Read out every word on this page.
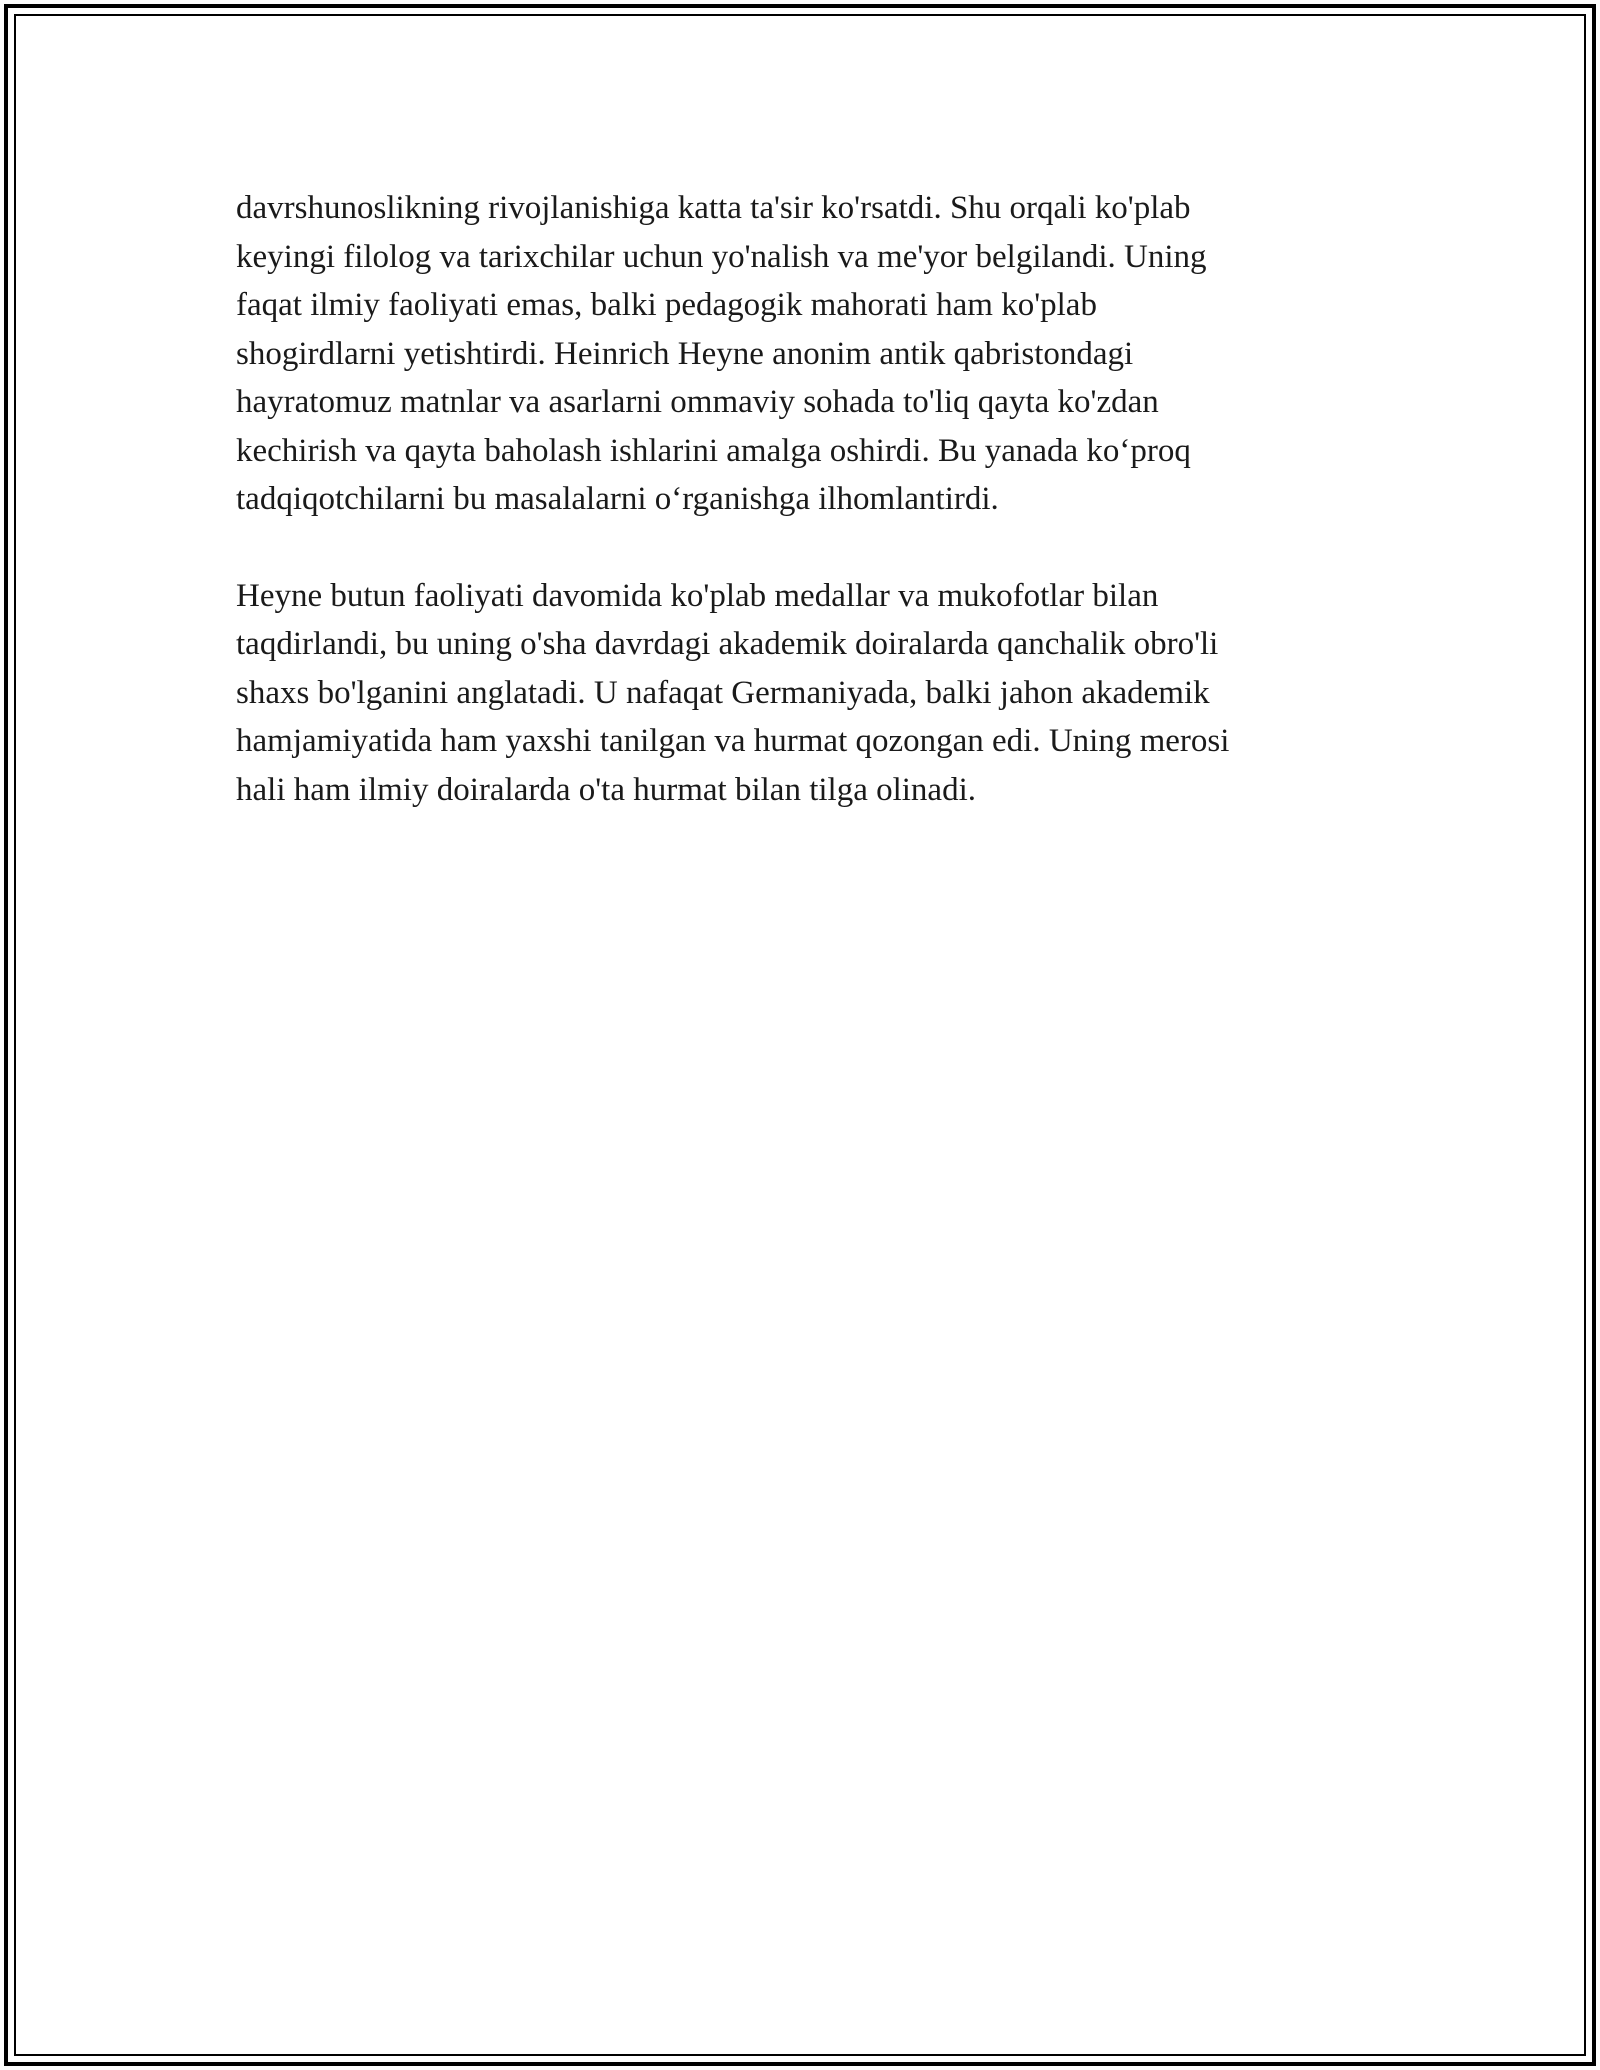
davrshunoslikning rivojlanishiga katta ta'sir ko'rsatdi. Shu orqali ko'plab
keyingi filolog va tarixchilar uchun yo'nalish va me'yor belgilandi. Uning
faqat ilmiy faoliyati emas, balki pedagogik mahorati ham ko'plab
shogirdlarni yetishtirdi. Heinrich Heyne anonim antik qabristondagi
hayratomuz matnlar va asarlarni ommaviy sohada to'liq qayta ko'zdan
kechirish va qayta baholash ishlarini amalga oshirdi. Bu yanada ko‘proq
tadqiqotchilarni bu masalalarni o‘rganishga ilhomlantirdi.

Heyne butun faoliyati davomida ko'plab medallar va mukofotlar bilan
taqdirlandi, bu uning o'sha davrdagi akademik doiralarda qanchalik obro'li
shaxs bo'lganini anglatadi. U nafaqat Germaniyada, balki jahon akademik
hamjamiyatida ham yaxshi tanilgan va hurmat qozongan edi. Uning merosi
hali ham ilmiy doiralarda o'ta hurmat bilan tilga olinadi.
